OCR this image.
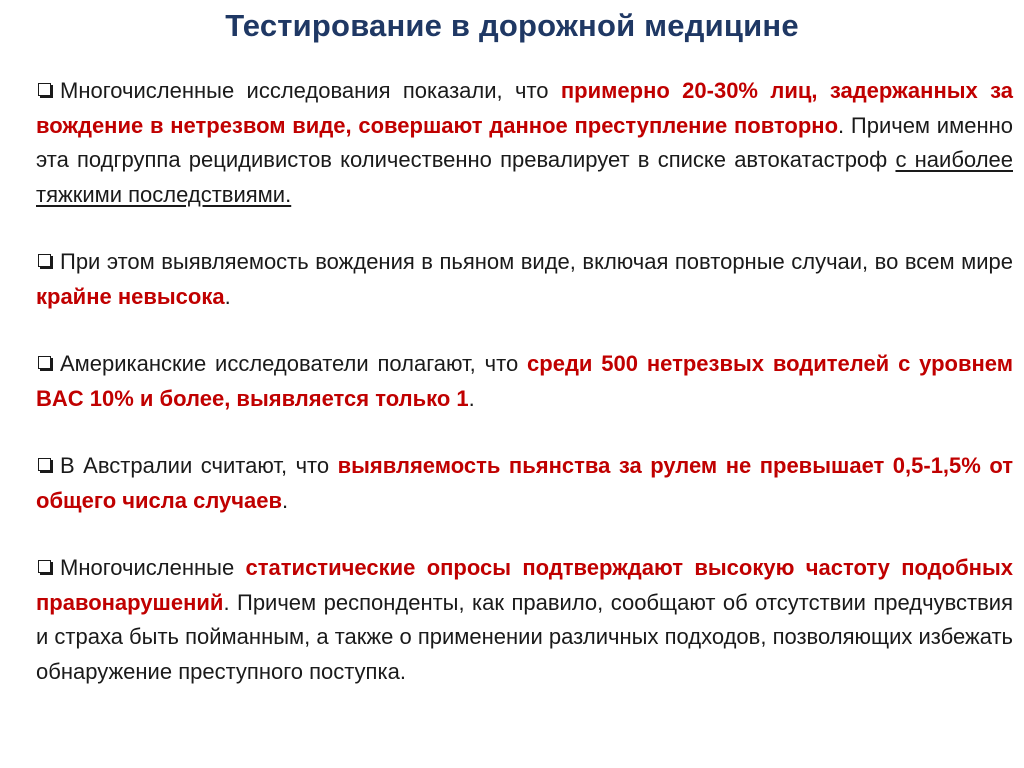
Тестирование в дорожной медицине

Многочисленные исследования показали, что примерно 20-30% лиц, задержанных за вождение в нетрезвом виде, совершают данное преступление повторно. Причем именно эта подгруппа рецидивистов количественно превалирует в списке автокатастроф с наиболее тяжкими последствиями.

При этом выявляемость вождения в пьяном виде, включая повторные случаи, во всем мире крайне невысока.

Американские исследователи полагают, что среди 500 нетрезвых водителей с уровнем BAC 10% и более, выявляется только 1.

В Австралии считают, что выявляемость пьянства за рулем не превышает 0,5-1,5% от общего числа случаев.

Многочисленные статистические опросы подтверждают высокую частоту подобных правонарушений. Причем респонденты, как правило, сообщают об отсутствии предчувствия и страха быть пойманным, а также о применении различных подходов, позволяющих избежать обнаружение преступного поступка.
